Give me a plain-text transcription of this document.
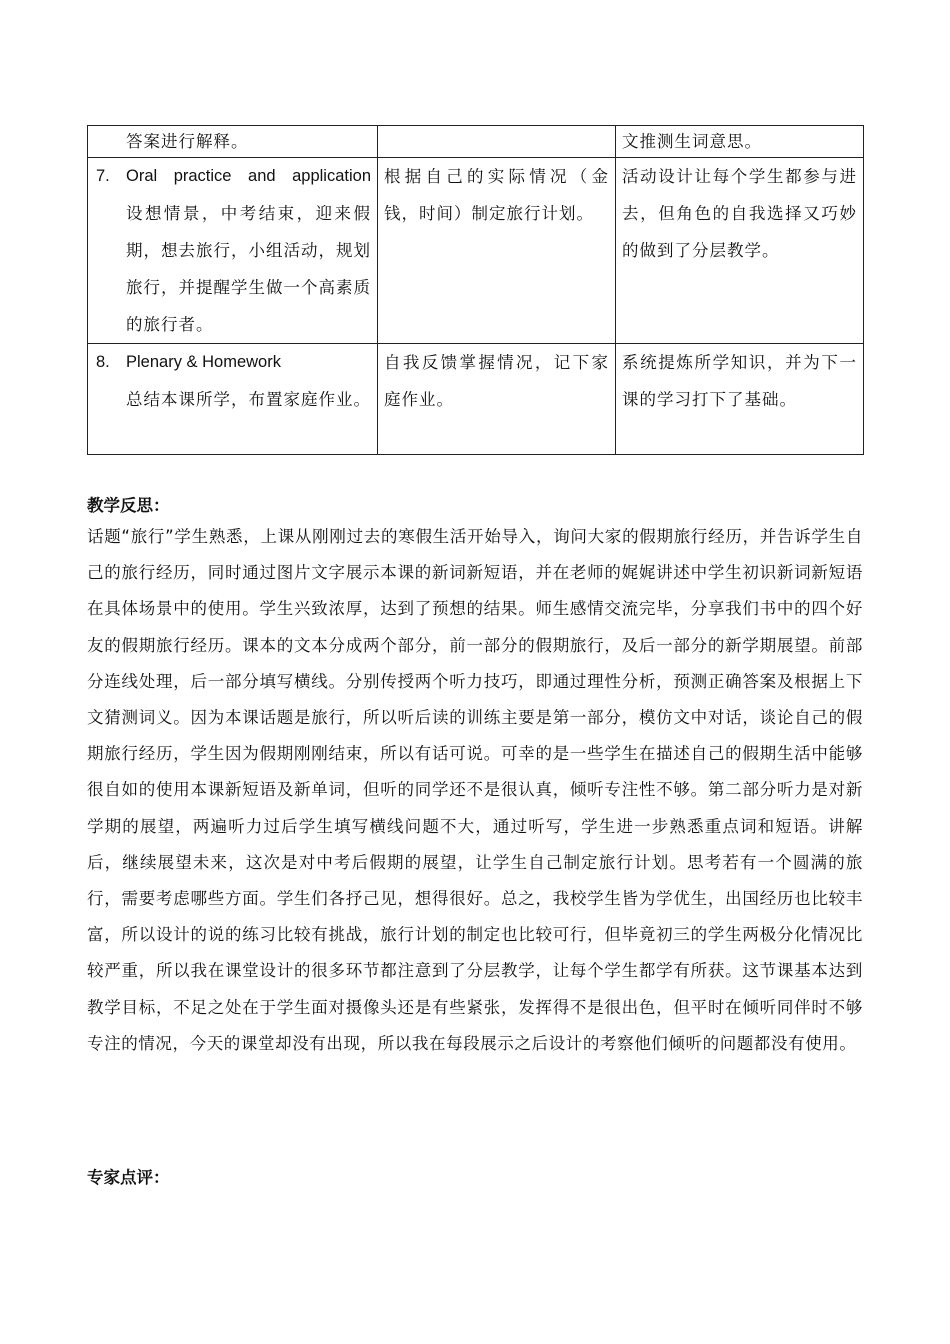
答案进行解释。		文推测生词意思。

7. Oral practice and application
设想情景，中考结束，迎来假期，想去旅行，小组活动，规划旅行，并提醒学生做一个高素质的旅行者。	根据自己的实际情况（金钱，时间）制定旅行计划。	活动设计让每个学生都参与进去，但角色的自我选择又巧妙的做到了分层教学。

8. Plenary & Homework
总结本课所学，布置家庭作业。	自我反馈掌握情况，记下家庭作业。	系统提炼所学知识，并为下一课的学习打下了基础。
教学反思：

话题“旅行”学生熟悉，上课从刚刚过去的寒假生活开始导入，询问大家的假期旅行经历，并告诉学生自己的旅行经历，同时通过图片文字展示本课的新词新短语，并在老师的娓娓讲述中学生初识新词新短语在具体场景中的使用。学生兴致浓厚，达到了预想的结果。师生感情交流完毕，分享我们书中的四个好友的假期旅行经历。课本的文本分成两个部分，前一部分的假期旅行，及后一部分的新学期展望。前部分连线处理，后一部分填写横线。分别传授两个听力技巧，即通过理性分析，预测正确答案及根据上下文猜测词义。因为本课话题是旅行，所以听后读的训练主要是第一部分，模仿文中对话，谈论自己的假期旅行经历，学生因为假期刚刚结束，所以有话可说。可幸的是一些学生在描述自己的假期生活中能够很自如的使用本课新短语及新单词，但听的同学还不是很认真，倾听专注性不够。第二部分听力是对新学期的展望，两遍听力过后学生填写横线问题不大，通过听写，学生进一步熟悉重点词和短语。讲解后，继续展望未来，这次是对中考后假期的展望，让学生自己制定旅行计划。思考若有一个圆满的旅行，需要考虑哪些方面。学生们各抒己见，想得很好。总之，我校学生皆为学优生，出国经历也比较丰富，所以设计的说的练习比较有挑战，旅行计划的制定也比较可行，但毕竟初三的学生两极分化情况比较严重，所以我在课堂设计的很多环节都注意到了分层教学，让每个学生都学有所获。这节课基本达到教学目标，不足之处在于学生面对摄像头还是有些紧张，发挥得不是很出色，但平时在倾听同伴时不够专注的情况，今天的课堂却没有出现，所以我在每段展示之后设计的考察他们倾听的问题都没有使用。

专家点评：
